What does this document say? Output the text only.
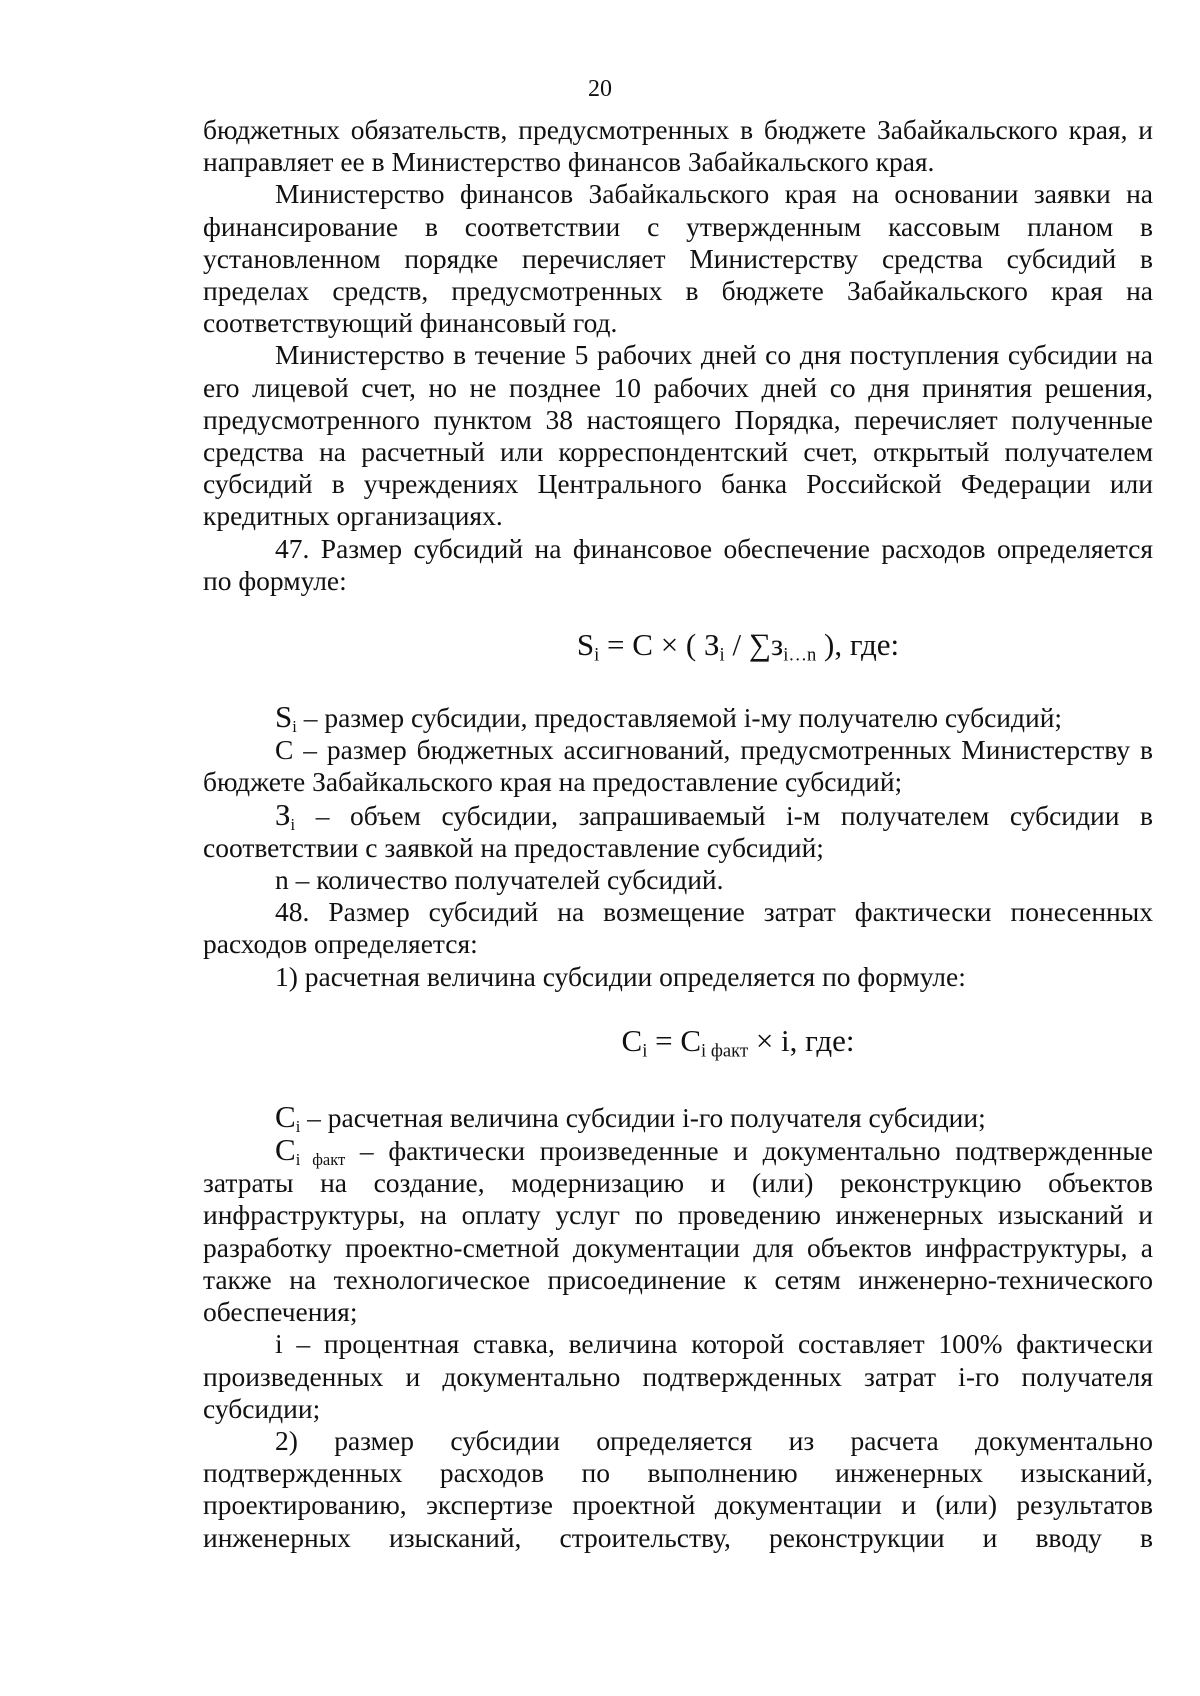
20

бюджетных обязательств, предусмотренных в бюджете Забайкальского края, и направляет ее в Министерство финансов Забайкальского края.

Министерство финансов Забайкальского края на основании заявки на финансирование в соответствии с утвержденным кассовым планом в установленном порядке перечисляет Министерству средства субсидий в пределах средств, предусмотренных в бюджете Забайкальского края на соответствующий финансовый год.

Министерство в течение 5 рабочих дней со дня поступления субсидии на его лицевой счет, но не позднее 10 рабочих дней со дня принятия решения, предусмотренного пунктом 38 настоящего Порядка, перечисляет полученные средства на расчетный или корреспондентский счет, открытый получателем субсидий в учреждениях Центрального банка Российской Федерации или кредитных организациях.

47. Размер субсидий на финансовое обеспечение расходов определяется по формуле:

$S_i = С$ × ( $З_i / \sum з_{i\dots n}$ ), где:

$S_i$ – размер субсидии, предоставляемой i-му получателю субсидий;

С – размер бюджетных ассигнований, предусмотренных Министерству в бюджете Забайкальского края на предоставление субсидий;

$З_i$ – объем субсидии, запрашиваемый i-м получателем субсидии в соответствии с заявкой на предоставление субсидий;

n – количество получателей субсидий.

48. Размер субсидий на возмещение затрат фактически понесенных расходов определяется:

1) расчетная величина субсидии определяется по формуле:

$С_i = С_{i факт} \times i$, где:

$С_i$ – расчетная величина субсидии i-го получателя субсидии;

$С_{i факт}$ – фактически произведенные и документально подтвержденные затраты на создание, модернизацию и (или) реконструкцию объектов инфраструктуры, на оплату услуг по проведению инженерных изысканий и разработку проектно-сметной документации для объектов инфраструктуры, а также на технологическое присоединение к сетям инженерно-технического обеспечения;

i – процентная ставка, величина которой составляет 100% фактически произведенных и документально подтвержденных затрат i-го получателя субсидии;

2) размер субсидии определяется из расчета документально подтвержденных расходов по выполнению инженерных изысканий, проектированию, экспертизе проектной документации и (или) результатов инженерных изысканий, строительству, реконструкции и вводу в
